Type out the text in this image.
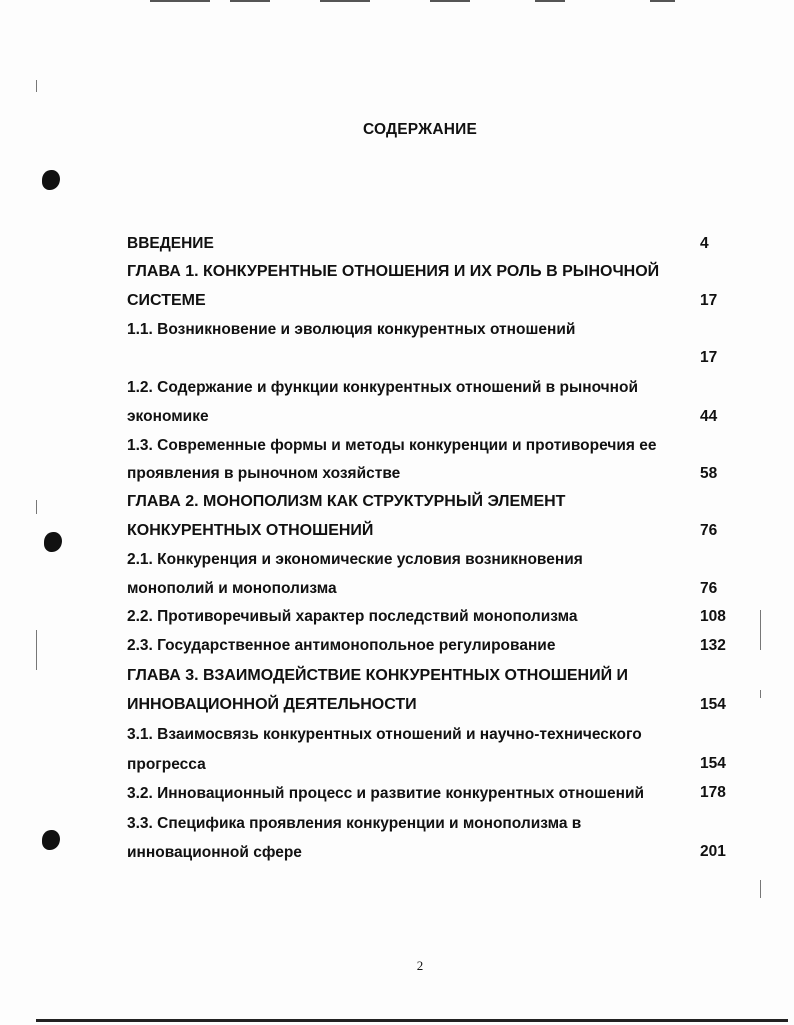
СОДЕРЖАНИЕ
ВВЕДЕНИЕ	4
ГЛАВА 1. КОНКУРЕНТНЫЕ ОТНОШЕНИЯ И ИХ РОЛЬ В РЫНОЧНОЙ
СИСТЕМЕ	17
1.1. Возникновение и эволюция конкурентных отношений
17
1.2. Содержание и функции конкурентных отношений в рыночной
экономике	44
1.3. Современные формы и методы конкуренции и противоречия ее
проявления в рыночном хозяйстве	58
ГЛАВА 2. МОНОПОЛИЗМ КАК СТРУКТУРНЫЙ ЭЛЕМЕНТ
КОНКУРЕНТНЫХ ОТНОШЕНИЙ	76
2.1. Конкуренция и экономические условия возникновения
монополий и монополизма	76
2.2. Противоречивый характер последствий монополизма	108
2.3. Государственное антимонопольное регулирование	132
ГЛАВА 3. ВЗАИМОДЕЙСТВИЕ КОНКУРЕНТНЫХ ОТНОШЕНИЙ И
ИННОВАЦИОННОЙ ДЕЯТЕЛЬНОСТИ	154
3.1. Взаимосвязь конкурентных отношений и научно-технического
прогресса	154
3.2. Инновационный процесс и развитие конкурентных отношений	178
3.3. Специфика проявления конкуренции и монополизма в
инновационной сфере	201
2
